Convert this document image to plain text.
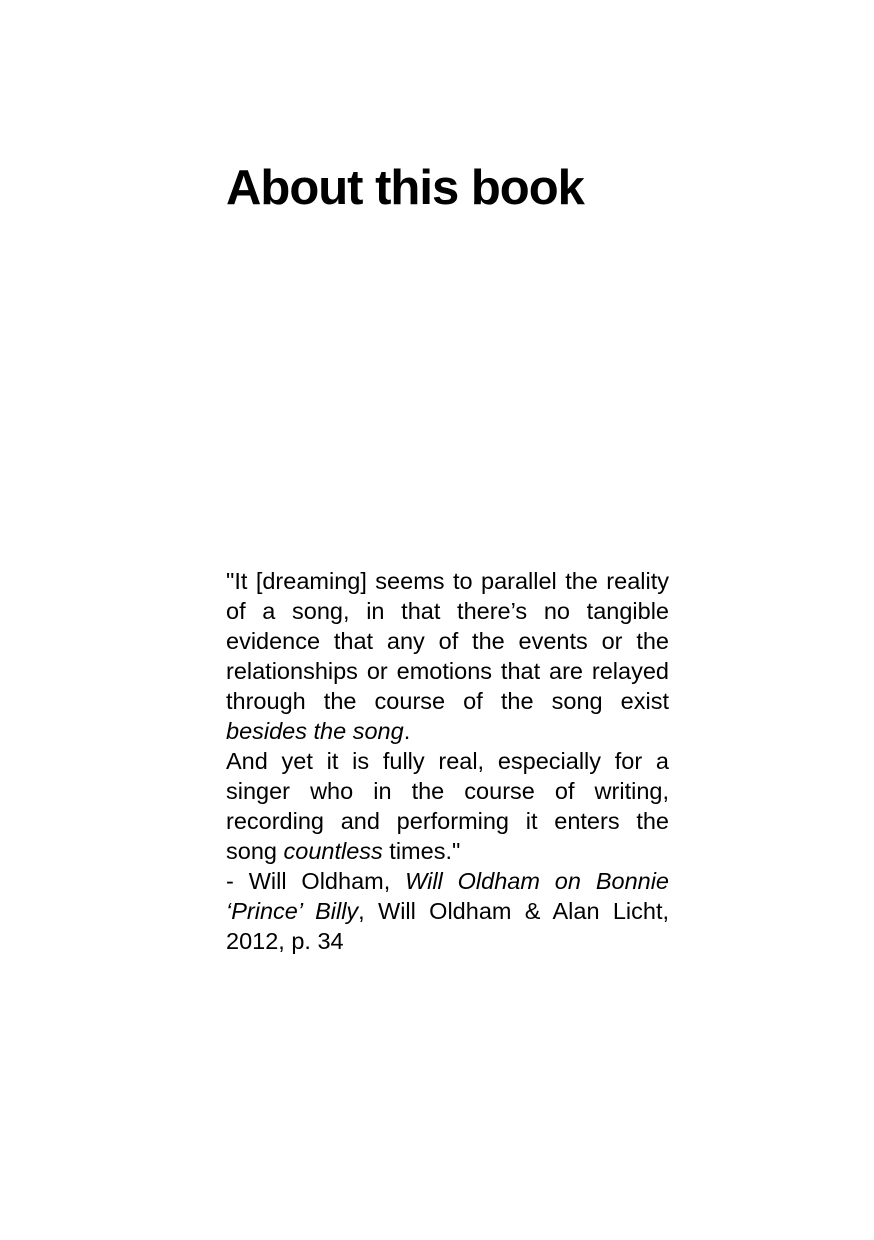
About this book

"It [dreaming] seems to parallel the reality of a song, in that there’s no tangible evidence that any of the events or the relationships or emotions that are relayed through the course of the song exist besides the song.

And yet it is fully real, especially for a singer who in the course of writing, recording and performing it enters the song countless times."

- Will Oldham, Will Oldham on Bonnie ‘Prince’ Billy, Will Oldham & Alan Licht, 2012, p. 34
